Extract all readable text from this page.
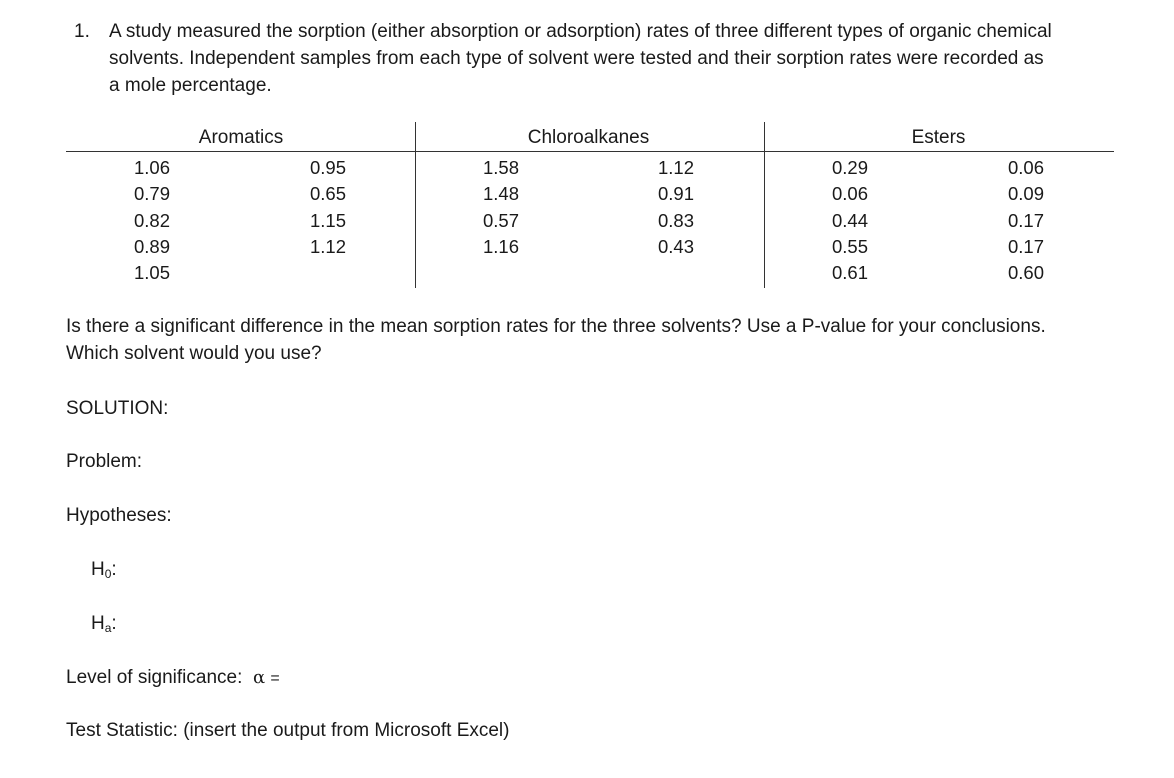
1. A study measured the sorption (either absorption or adsorption) rates of three different types of organic chemical
solvents. Independent samples from each type of solvent were tested and their sorption rates were recorded as
a mole percentage.
Aromatics	Chloroalkanes	Esters
1.06
0.79
0.82
0.89
1.05
0.95
0.65
1.15
1.12
1.58
1.48
0.57
1.16
1.12
0.91
0.83
0.43
0.29
0.06
0.44
0.55
0.61
0.06
0.09
0.17
0.17
0.60
Is there a significant difference in the mean sorption rates for the three solvents? Use a P-value for your conclusions.
Which solvent would you use?
SOLUTION:
Problem:
Hypotheses:
$H_0$:
$H_a$:
Level of significance: α =
Test Statistic: (insert the output from Microsoft Excel)
